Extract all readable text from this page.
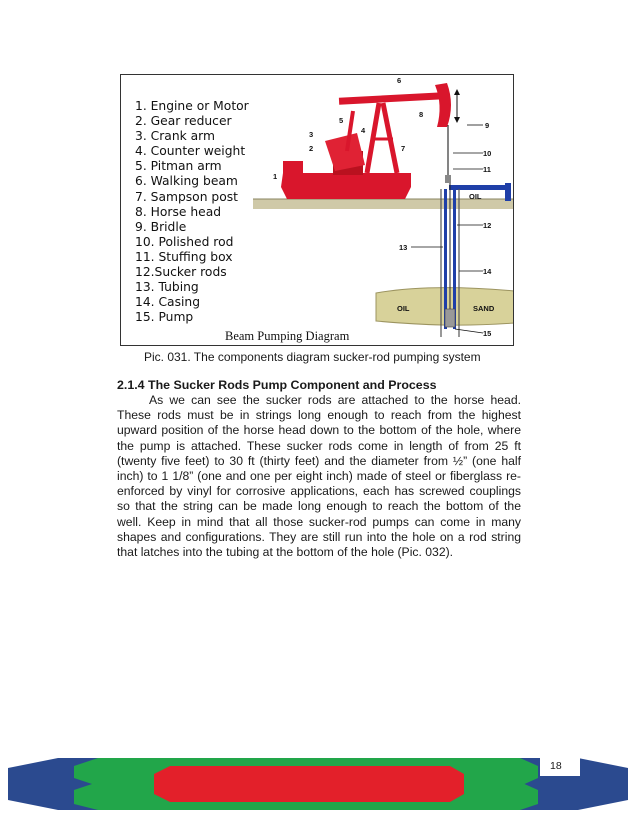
1. Engine or Motor
2. Gear reducer
3. Crank arm
4. Counter weight
5. Pitman arm
6. Walking beam
7. Sampson post
8. Horse head
9. Bridle
10. Polished rod
11. Stuffing box
12.Sucker rods
13. Tubing
14. Casing
15. Pump
1
2
3	4
5
6
7
8
9
10
11
12
13
14
15
OIL
OIL	SAND
Beam Pumping Diagram
Pic. 031. The components diagram sucker-rod pumping system
2.1.4 The Sucker Rods Pump Component and Process

As we can see the sucker rods are attached to the horse head. These rods must be in strings long enough to reach from the highest upward position of the horse head down to the bottom of the hole, where the pump is attached. These sucker rods come in length of from 25 ft (twenty five feet) to 30 ft (thirty feet) and the diameter from ½” (one half inch) to 1 1/8” (one and one per eight inch) made of steel or fiberglass re-enforced by vinyl for corrosive applications, each has screwed couplings so that the string can be made long enough to reach the bottom of the well. Keep in mind that all those sucker-rod pumps can come in many shapes and configurations. They are still run into the hole on a rod string that latches into the tubing at the bottom of the hole (Pic. 032).

18
